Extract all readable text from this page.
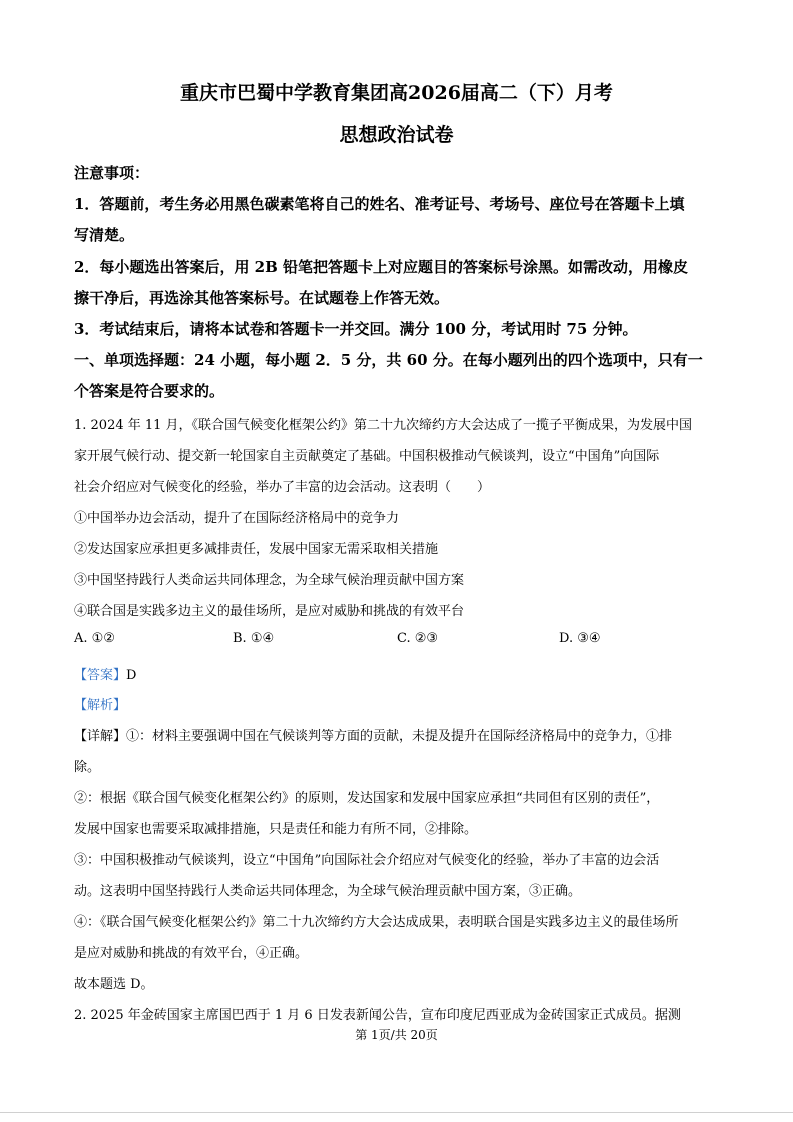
重庆市巴蜀中学教育集团高2026届高二（下）月考
思想政治试卷
注意事项：
1．答题前，考生务必用黑色碳素笔将自己的姓名、准考证号、考场号、座位号在答题卡上填
写清楚。
2．每小题选出答案后，用 2B 铅笔把答题卡上对应题目的答案标号涂黑。如需改动，用橡皮
擦干净后，再选涂其他答案标号。在试题卷上作答无效。
3．考试结束后，请将本试卷和答题卡一并交回。满分 100 分，考试用时 75 分钟。
一、单项选择题：24 小题，每小题 2．5 分，共 60 分。在每小题列出的四个选项中，只有一
个答案是符合要求的。
1. 2024 年 11 月，《联合国气候变化框架公约》第二十九次缔约方大会达成了一揽子平衡成果，为发展中国
家开展气候行动、提交新一轮国家自主贡献奠定了基础。中国积极推动气候谈判，设立“中国角”向国际
社会介绍应对气候变化的经验，举办了丰富的边会活动。这表明（　　）
①中国举办边会活动，提升了在国际经济格局中的竞争力
②发达国家应承担更多减排责任，发展中国家无需采取相关措施
③中国坚持践行人类命运共同体理念，为全球气候治理贡献中国方案
④联合国是实践多边主义的最佳场所，是应对威胁和挑战的有效平台
A. ①②	B. ①④	C. ②③	D. ③④
【答案】D
【解析】
【详解】①：材料主要强调中国在气候谈判等方面的贡献，未提及提升在国际经济格局中的竞争力，①排
除。
②：根据《联合国气候变化框架公约》的原则，发达国家和发展中国家应承担“共同但有区别的责任”，
发展中国家也需要采取减排措施，只是责任和能力有所不同，②排除。
③：中国积极推动气候谈判，设立“中国角”向国际社会介绍应对气候变化的经验，举办了丰富的边会活
动。这表明中国坚持践行人类命运共同体理念，为全球气候治理贡献中国方案，③正确。
④：《联合国气候变化框架公约》第二十九次缔约方大会达成成果，表明联合国是实践多边主义的最佳场所
是应对威胁和挑战的有效平台，④正确。
故本题选 D。
2. 2025 年金砖国家主席国巴西于 1 月 6 日发表新闻公告，宣布印度尼西亚成为金砖国家正式成员。据测
第 1页/共 20页
